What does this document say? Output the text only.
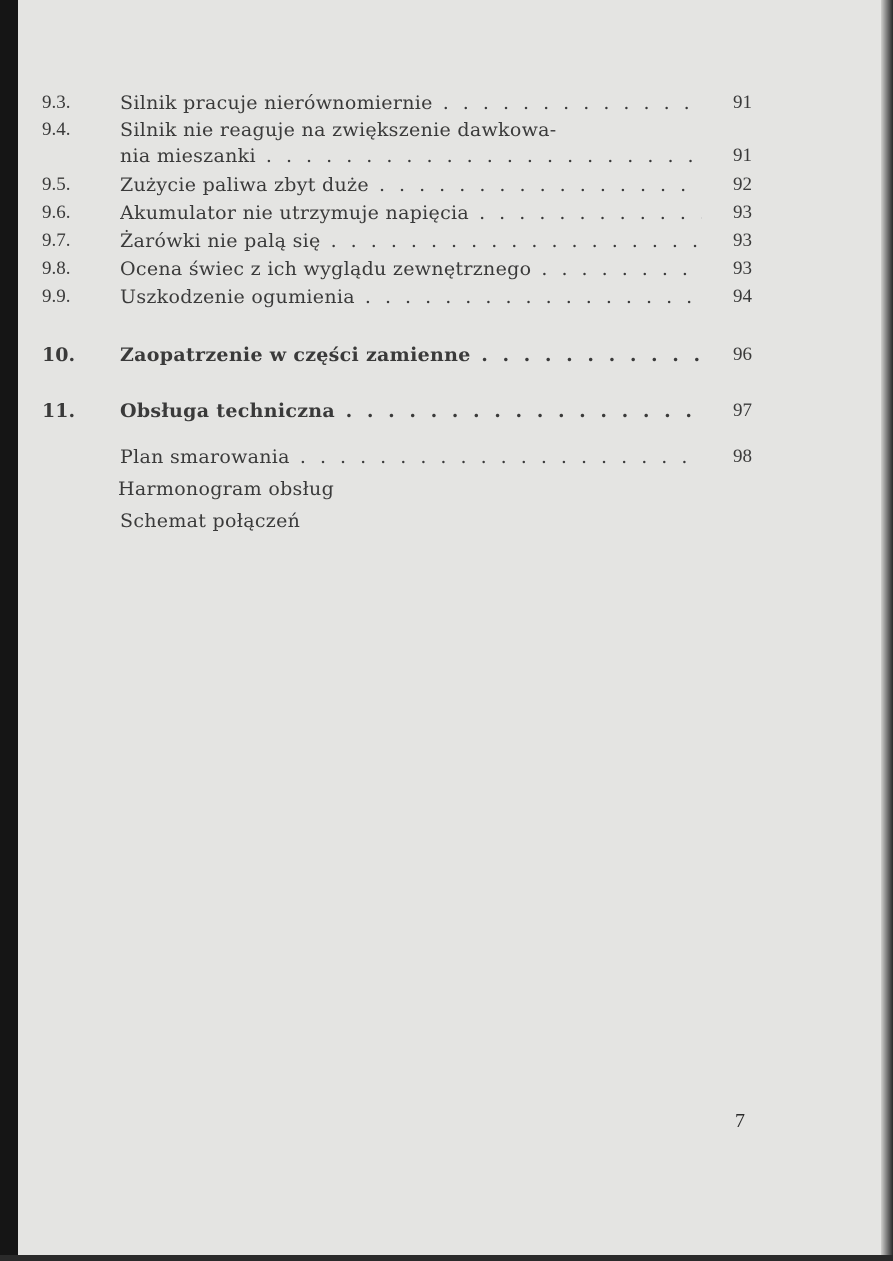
9.3.	Silnik pracuje nierównomiernie . . .	91
9.4.	Silnik nie reaguje na zwiększenie dawkowa-
nia mieszanki . . .	91
9.5.	Zużycie paliwa zbyt duże . . .	92
9.6.	Akumulator nie utrzymuje napięcia . . .	93
9.7.	Żarówki nie palą się . . .	93
9.8.	Ocena świec z ich wyglądu zewnętrznego . . .	93
9.9.	Uszkodzenie ogumienia . . .	94
10. Zaopatrzenie w części zamienne . . .	96
11. Obsługa techniczna . . .	97
Plan smarowania . . .	98
Harmonogram obsług
Schemat połączeń
7
